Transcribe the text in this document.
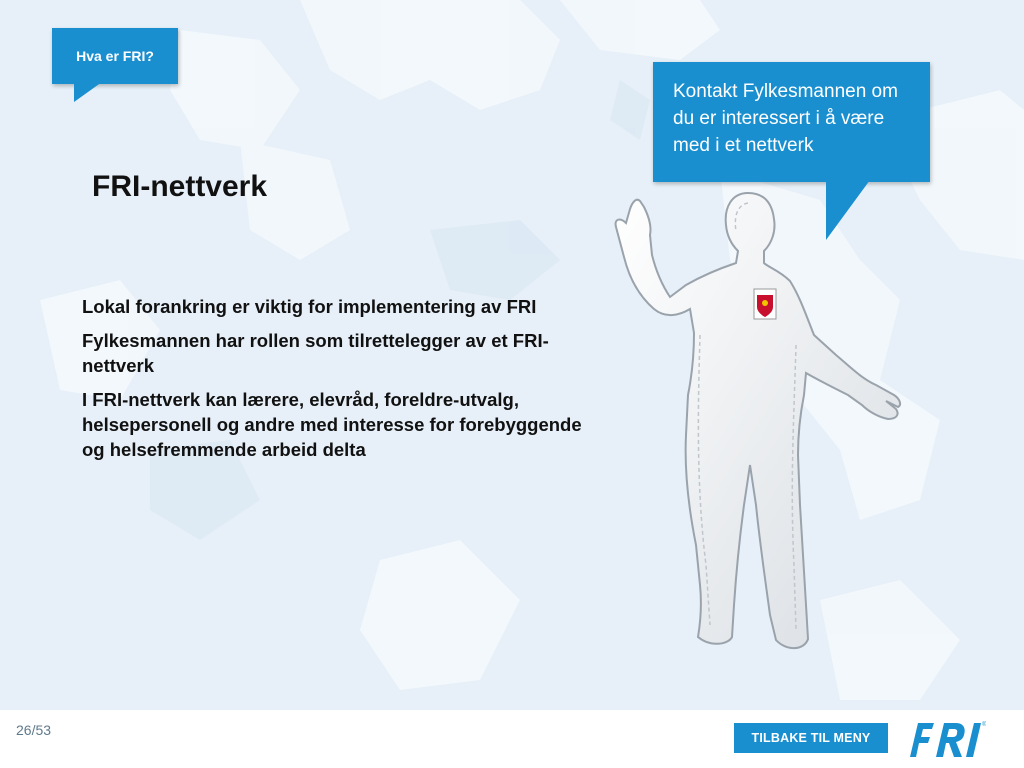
Hva er FRI?
Kontakt Fylkesmannen om du er interessert i å være med i et nettverk
FRI-nettverk

Lokal forankring er viktig for implementering av FRI

Fylkesmannen har rollen som tilrettelegger av et FRI-nettverk

I FRI-nettverk kan lærere, elevråd, foreldre-utvalg, helsepersonell og andre med interesse for forebyggende og helsefremmende arbeid delta

26/53	TILBAKE TIL MENY
®
